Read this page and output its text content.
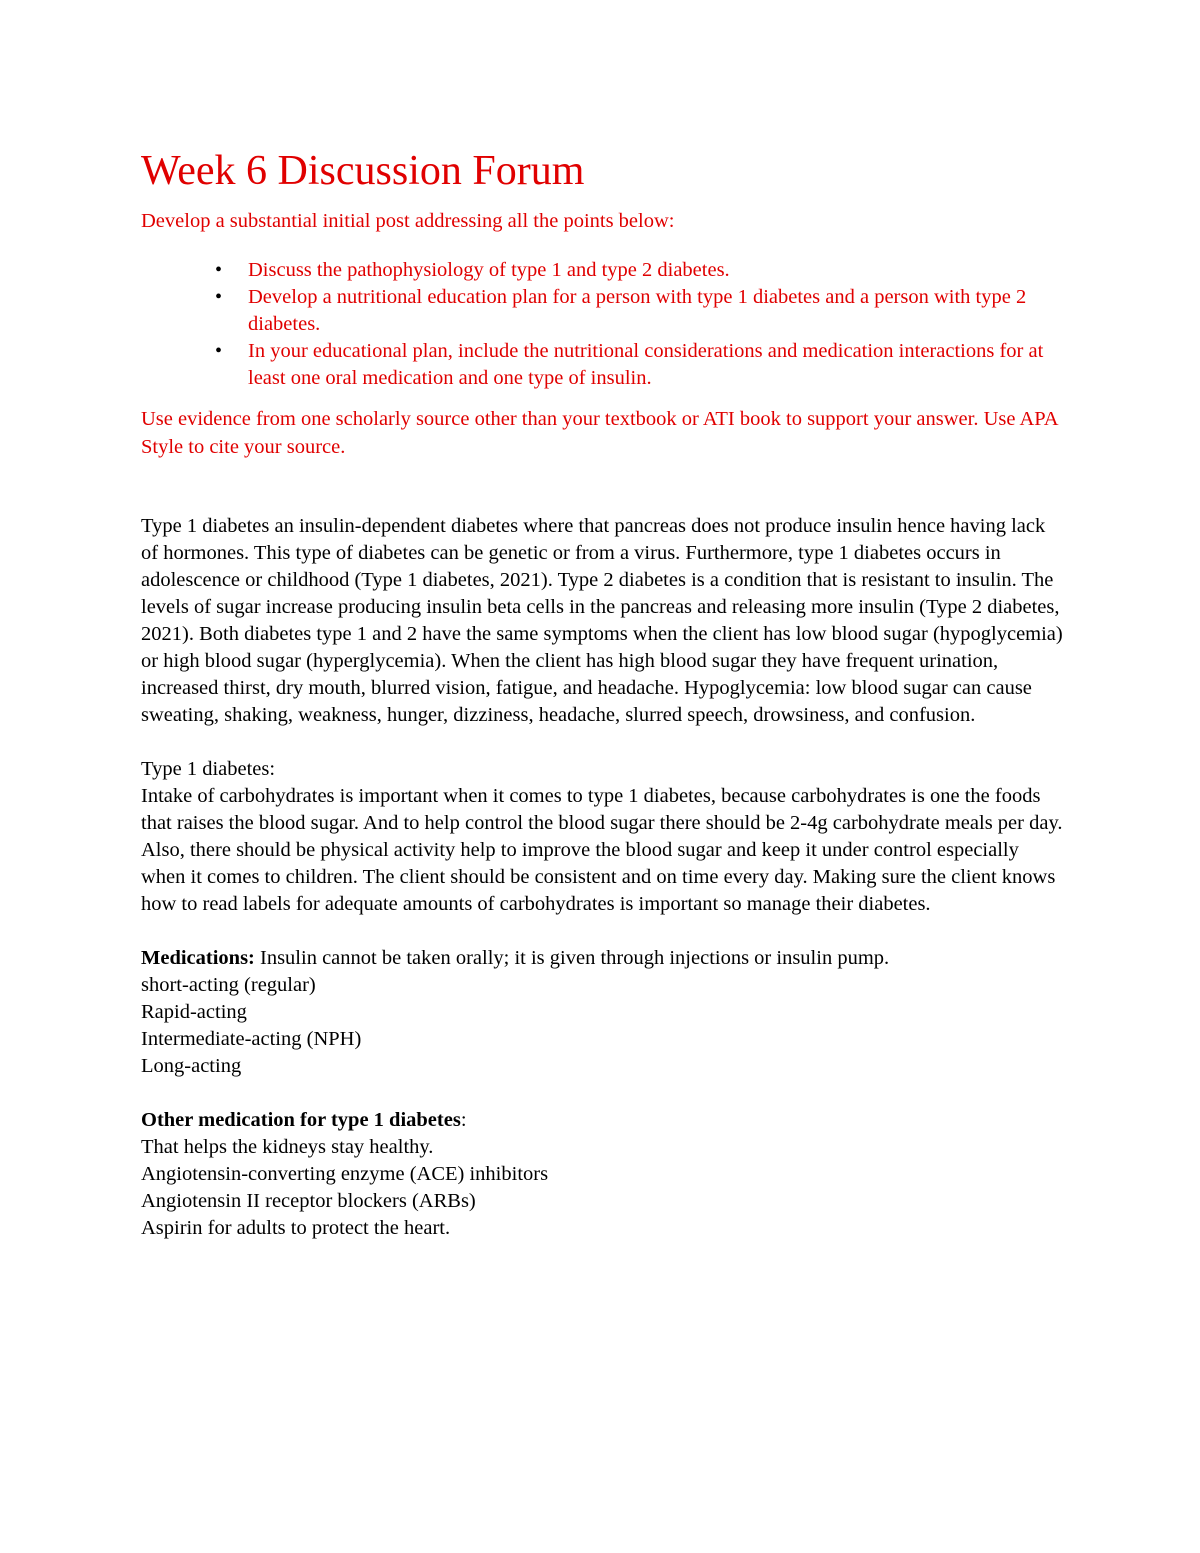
Week 6 Discussion Forum

Develop a substantial initial post addressing all the points below:

• Discuss the pathophysiology of type 1 and type 2 diabetes.
• Develop a nutritional education plan for a person with type 1 diabetes and a person with type 2 diabetes.
• In your educational plan, include the nutritional considerations and medication interactions for at least one oral medication and one type of insulin.

Use evidence from one scholarly source other than your textbook or ATI book to support your answer. Use APA Style to cite your source.

Type 1 diabetes an insulin-dependent diabetes where that pancreas does not produce insulin hence having lack of hormones. This type of diabetes can be genetic or from a virus. Furthermore, type 1 diabetes occurs in adolescence or childhood (Type 1 diabetes, 2021). Type 2 diabetes is a condition that is resistant to insulin. The levels of sugar increase producing insulin beta cells in the pancreas and releasing more insulin (Type 2 diabetes, 2021). Both diabetes type 1 and 2 have the same symptoms when the client has low blood sugar (hypoglycemia) or high blood sugar (hyperglycemia). When the client has high blood sugar they have frequent urination, increased thirst, dry mouth, blurred vision, fatigue, and headache. Hypoglycemia: low blood sugar can cause sweating, shaking, weakness, hunger, dizziness, headache, slurred speech, drowsiness, and confusion.

Type 1 diabetes:

Intake of carbohydrates is important when it comes to type 1 diabetes, because carbohydrates is one the foods that raises the blood sugar. And to help control the blood sugar there should be 2-4g carbohydrate meals per day. Also, there should be physical activity help to improve the blood sugar and keep it under control especially when it comes to children. The client should be consistent and on time every day. Making sure the client knows how to read labels for adequate amounts of carbohydrates is important so manage their diabetes.

Medications: Insulin cannot be taken orally; it is given through injections or insulin pump.

short-acting (regular)
Rapid-acting
Intermediate-acting (NPH)
Long-acting

Other medication for type 1 diabetes:

That helps the kidneys stay healthy.
Angiotensin-converting enzyme (ACE) inhibitors
Angiotensin II receptor blockers (ARBs)
Aspirin for adults to protect the heart.
